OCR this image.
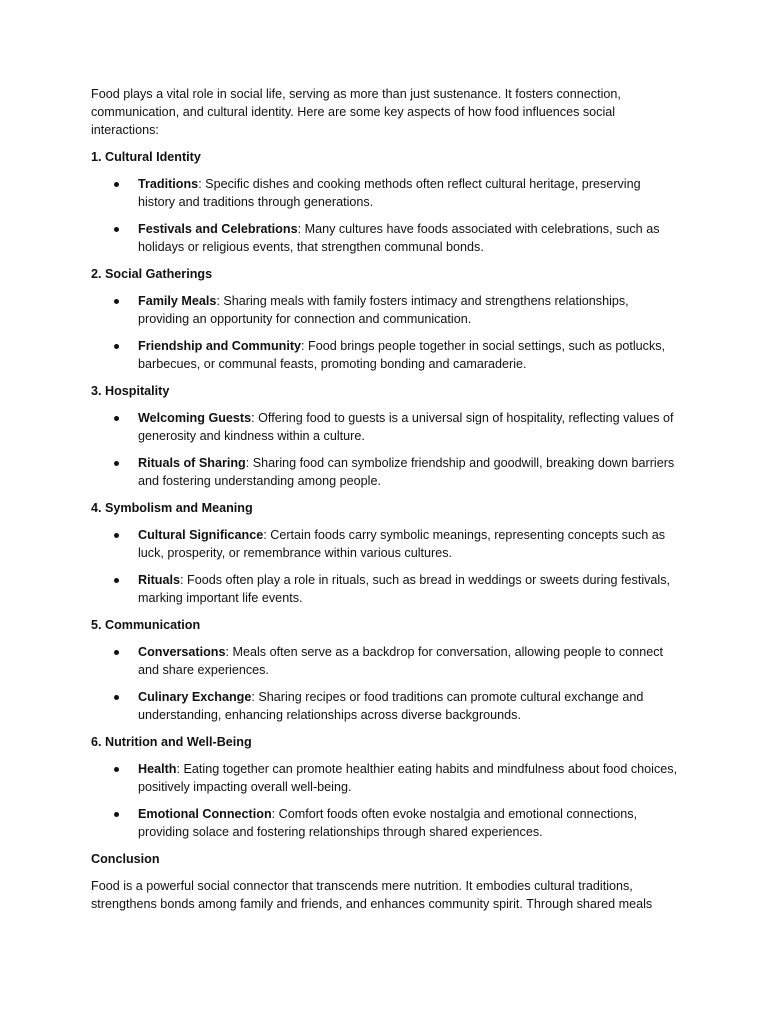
Food plays a vital role in social life, serving as more than just sustenance. It fosters connection, communication, and cultural identity. Here are some key aspects of how food influences social interactions:

1. Cultural Identity

Traditions: Specific dishes and cooking methods often reflect cultural heritage, preserving history and traditions through generations.
Festivals and Celebrations: Many cultures have foods associated with celebrations, such as holidays or religious events, that strengthen communal bonds.

2. Social Gatherings

Family Meals: Sharing meals with family fosters intimacy and strengthens relationships, providing an opportunity for connection and communication.
Friendship and Community: Food brings people together in social settings, such as potlucks, barbecues, or communal feasts, promoting bonding and camaraderie.

3. Hospitality

Welcoming Guests: Offering food to guests is a universal sign of hospitality, reflecting values of generosity and kindness within a culture.
Rituals of Sharing: Sharing food can symbolize friendship and goodwill, breaking down barriers and fostering understanding among people.

4. Symbolism and Meaning

Cultural Significance: Certain foods carry symbolic meanings, representing concepts such as luck, prosperity, or remembrance within various cultures.
Rituals: Foods often play a role in rituals, such as bread in weddings or sweets during festivals, marking important life events.

5. Communication

Conversations: Meals often serve as a backdrop for conversation, allowing people to connect and share experiences.
Culinary Exchange: Sharing recipes or food traditions can promote cultural exchange and understanding, enhancing relationships across diverse backgrounds.

6. Nutrition and Well-Being

Health: Eating together can promote healthier eating habits and mindfulness about food choices, positively impacting overall well-being.
Emotional Connection: Comfort foods often evoke nostalgia and emotional connections, providing solace and fostering relationships through shared experiences.

Conclusion

Food is a powerful social connector that transcends mere nutrition. It embodies cultural traditions, strengthens bonds among family and friends, and enhances community spirit. Through shared meals
